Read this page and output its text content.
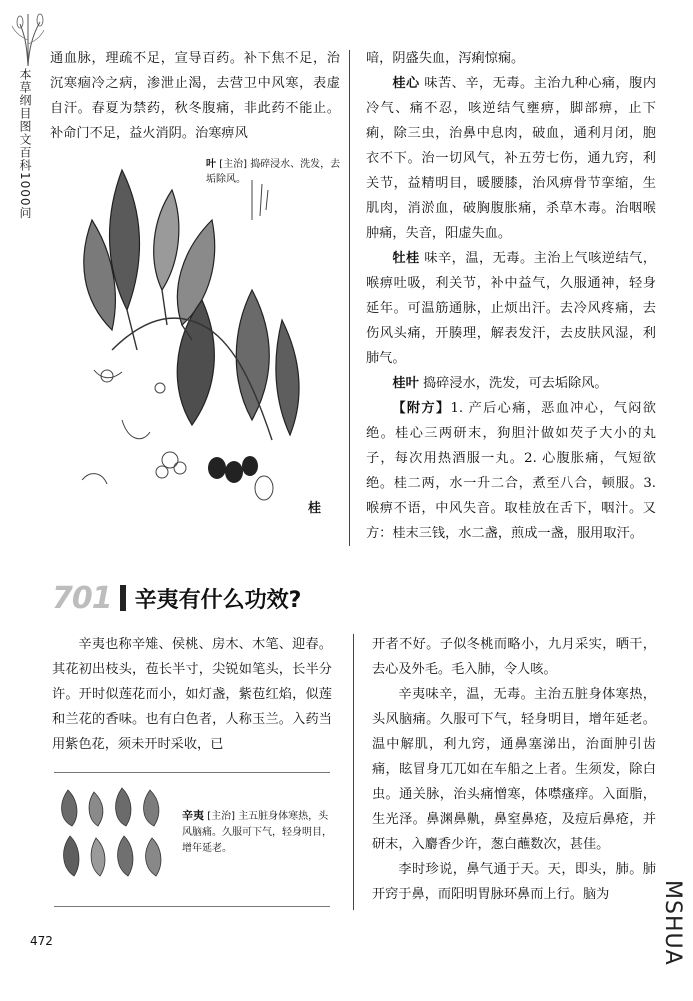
本草纲目图文百科1000问

通血脉，理疏不足，宣导百药。补下焦不足，治沉寒痼冷之病，渗泄止渴，去营卫中风寒，表虚自汗。春夏为禁药，秋冬腹痛，非此药不能止。补命门不足，益火消阴。治寒痹风

叶 [主治] 捣碎浸水、洗发，去垢除风。
桂

喑，阴盛失血，泻痢惊痫。

桂心 味苦、辛，无毒。主治九种心痛，腹内冷气、痛不忍，咳逆结气壅痹，脚部痹，止下痢，除三虫，治鼻中息肉，破血，通利月闭，胞衣不下。治一切风气，补五劳七伤，通九窍，利关节，益精明目，暖腰膝，治风痹骨节挛缩，生肌肉，消淤血，破胸腹胀痛，杀草木毒。治咽喉肿痛，失音，阳虚失血。

牡桂 味辛，温，无毒。主治上气咳逆结气，喉痹吐吸，利关节，补中益气，久服通神，轻身延年。可温筋通脉，止烦出汗。去冷风疼痛，去伤风头痛，开腠理，解表发汗，去皮肤风湿，利肺气。

桂叶 捣碎浸水，洗发，可去垢除风。

【附方】1. 产后心痛，恶血冲心，气闷欲绝。桂心三两研末，狗胆汁做如芡子大小的丸子，每次用热酒服一丸。2. 心腹胀痛，气短欲绝。桂二两，水一升二合，煮至八合，顿服。3. 喉痹不语，中风失音。取桂放在舌下，咽汁。又方：桂末三钱，水二盏，煎成一盏，服用取汗。

701 辛夷有什么功效?

辛夷也称辛雉、侯桃、房木、木笔、迎春。其花初出枝头，苞长半寸，尖锐如笔头，长半分许。开时似莲花而小，如灯盏，紫苞红焰，似莲和兰花的香味。也有白色者，人称玉兰。入药当用紫色花，须未开时采收，已

辛夷 [主治] 主五脏身体寒热，头风脑痛。久服可下气，轻身明目，增年延老。

开者不好。子似冬桃而略小，九月采实，晒干，去心及外毛。毛入肺，令人咳。

辛夷味辛，温，无毒。主治五脏身体寒热，头风脑痛。久服可下气，轻身明目，增年延老。温中解肌，利九窍，通鼻塞涕出，治面肿引齿痛，眩冒身兀兀如在车船之上者。生须发，除白虫。通关脉，治头痛憎寒，体噤瘙痒。入面脂，生光泽。鼻渊鼻鼽，鼻窒鼻疮，及痘后鼻疮，并研末，入麝香少许，葱白蘸数次，甚佳。

李时珍说，鼻气通于天。天，即头，肺。肺开窍于鼻，而阳明胃脉环鼻而上行。脑为

472	MSHUA
